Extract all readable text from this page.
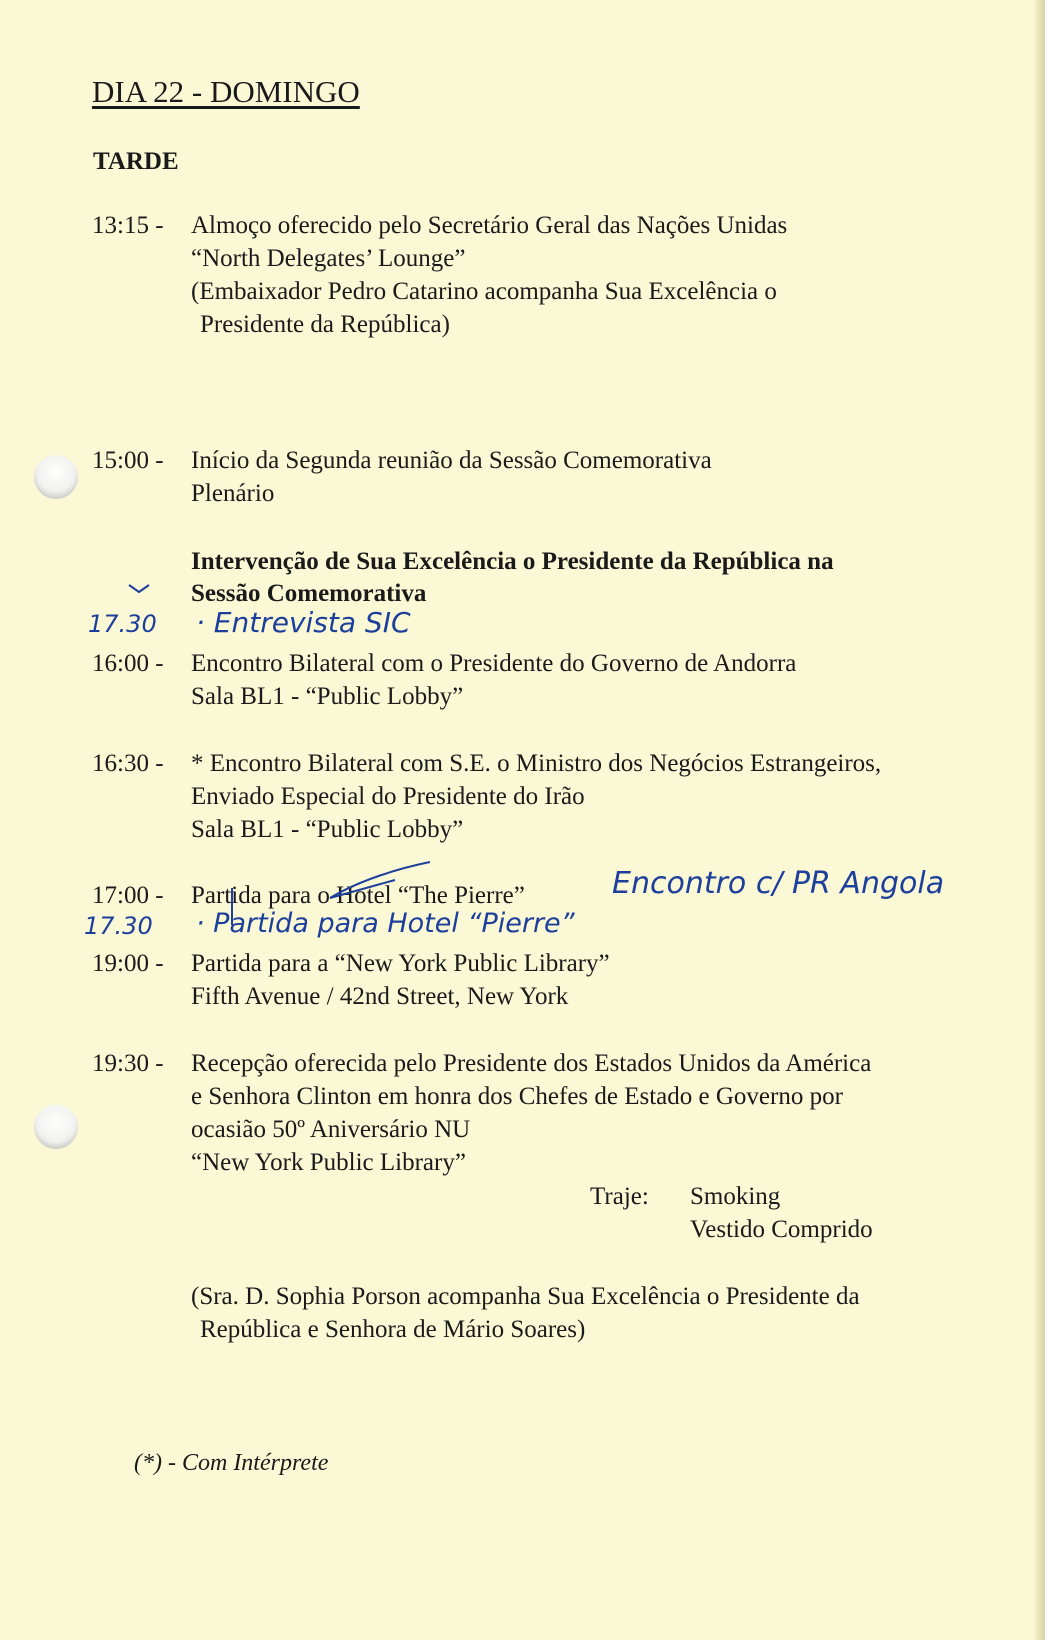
DIA 22 - DOMINGO
TARDE
13:15 - Almoço oferecido pelo Secretário Geral das Nações Unidas
“North Delegates’ Lounge”
(Embaixador Pedro Catarino acompanha Sua Excelência o
Presidente da República)
15:00 - Início da Segunda reunião da Sessão Comemorativa
Plenário
Intervenção de Sua Excelência o Presidente da República na
Sessão Comemorativa
17.30 · Entrevista SIC
16:00 - Encontro Bilateral com o Presidente do Governo de Andorra
Sala BL1 - “Public Lobby”
16:30 - * Encontro Bilateral com S.E. o Ministro dos Negócios Estrangeiros,
Enviado Especial do Presidente do Irão
Sala BL1 - “Public Lobby”
17:00 - Partida para o Hotel “The Pierre”	Encontro c/ PR Angola
17.30 · Partida para Hotel “Pierre”
19:00 - Partida para a “New York Public Library”
Fifth Avenue / 42nd Street, New York
19:30 - Recepção oferecida pelo Presidente dos Estados Unidos da América
e Senhora Clinton em honra dos Chefes de Estado e Governo por
ocasião 50º Aniversário NU
“New York Public Library”
Traje: Smoking
Vestido Comprido
(Sra. D. Sophia Porson acompanha Sua Excelência o Presidente da
República e Senhora de Mário Soares)
(*) - Com Intérprete
